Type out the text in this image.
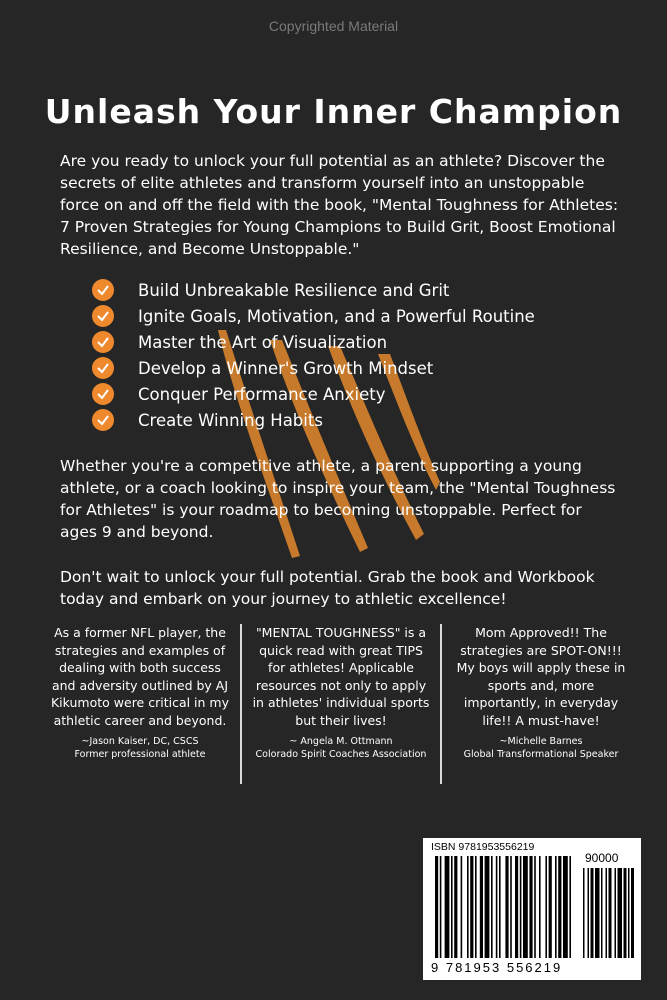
Copyrighted Material
Unleash Your Inner Champion

Are you ready to unlock your full potential as an athlete? Discover the secrets of elite athletes and transform yourself into an unstoppable force on and off the field with the book, "Mental Toughness for Athletes: 7 Proven Strategies for Young Champions to Build Grit, Boost Emotional Resilience, and Become Unstoppable."

Build Unbreakable Resilience and Grit
Ignite Goals, Motivation, and a Powerful Routine
Master the Art of Visualization
Develop a Winner's Growth Mindset
Conquer Performance Anxiety
Create Winning Habits

Whether you're a competitive athlete, a parent supporting a young athlete, or a coach looking to inspire your team, the "Mental Toughness for Athletes" is your roadmap to becoming unstoppable. Perfect for ages 9 and beyond.

Don't wait to unlock your full potential. Grab the book and Workbook today and embark on your journey to athletic excellence!

As a former NFL player, the strategies and examples of dealing with both success and adversity outlined by AJ Kikumoto were critical in my athletic career and beyond.

~Jason Kaiser, DC, CSCS

Former professional athlete

"MENTAL TOUGHNESS" is a quick read with great TIPS for athletes! Applicable resources not only to apply in athletes' individual sports but their lives!

~ Angela M. Ottmann

Colorado Spirit Coaches Association

Mom Approved!! The strategies are SPOT-ON!!! My boys will apply these in sports and, more importantly, in everyday life!! A must-have!

~Michelle Barnes

Global Transformational Speaker

ISBN 9781953556219
90000
9 781953 556219
